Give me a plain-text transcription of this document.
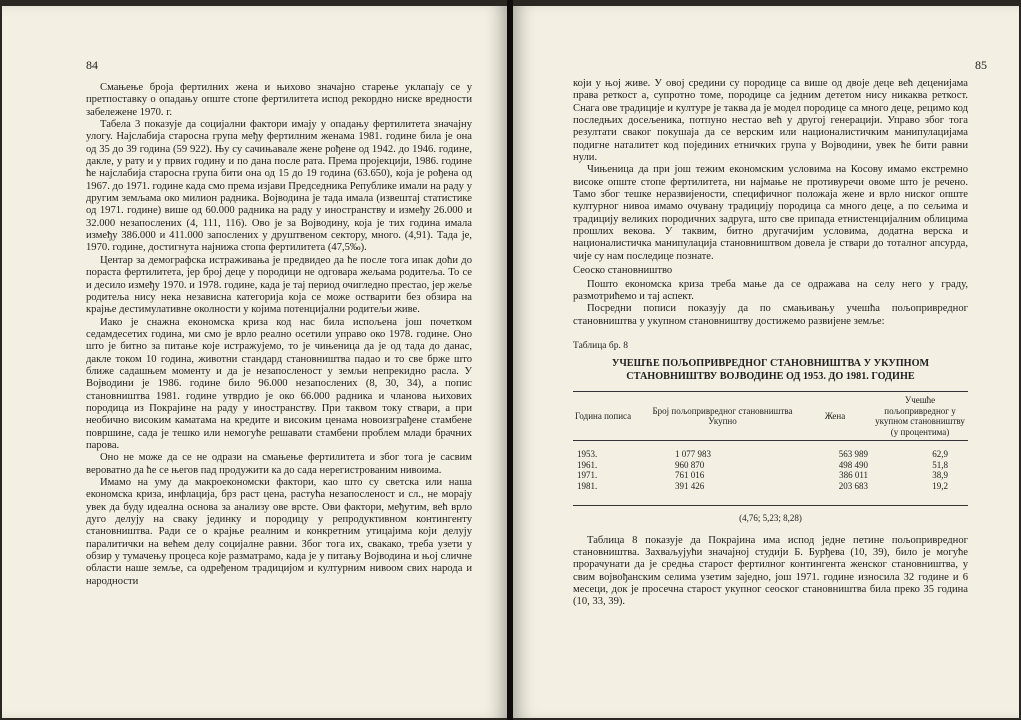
84

Смањење броја фертилних жена и њихово значајно старење уклапају се у претпоставку о опадању опште стопе фертилитета испод рекордно ниске вредности забележене 1970. г.

Табела 3 показује да социјални фактори имају у опадању фертилитета значајну улогу. Најслабија старосна група међу фертилним женама 1981. године била је она од 35 до 39 година (59 922). Њу су сачињавале жене рођене од 1942. до 1946. године, дакле, у рату и у првих годину и по дана после рата. Према пројекцији, 1986. године ће најслабија старосна група бити она од 15 до 19 година (63.650), која је рођена од 1967. до 1971. године када смо према изјави Председника Републике имали на раду у другим земљама око милион радника. Војводина је тада имала (извештај статистике од 1971. године) више од 60.000 радника на раду у иностранству и између 26.000 и 32.000 незапослених (4, 111, 116). Ово је за Војводину, која је тих година имала између 386.000 и 411.000 запослених у друштвеном сектору, много. (4,91). Тада је, 1970. године, достигнута најнижа стопа фертилитета (47,5‰).

Центар за демографска истраживања је предвидео да ће после тога ипак доћи до пораста фертилитета, јер број деце у породици не одговара жељама родитеља. То се и десило између 1970. и 1978. године, када је тај период очигледно престао, јер жеље родитеља нису нека независна категорија која се може остварити без обзира на крајње дестимулативне околности у којима потенцијални родитељи живе.

Иако је снажна економска криза код нас била испољена још почетком седамдесетих година, ми смо је врло реално осетили управо око 1978. године. Оно што је битно за питање које истражујемо, то је чињеница да је од тада до данас, дакле током 10 година, животни стандард становништва падао и то све брже што ближе садашњем моменту и да је незапосленост у земљи непрекидно расла. У Војводини је 1986. године било 96.000 незапослених (8, 30, 34), а попис становништва 1981. године утврдио је око 66.000 радника и чланова њихових породица из Покрајине на раду у иностранству. При таквом току ствари, а при необично високим каматама на кредите и високим ценама новоизграђене стамбене површине, сада је тешко или немогуће решавати стамбени проблем млади брачних парова.

Оно не може да се не одрази на смањење фертилитета и због тога је сасвим вероватно да ће се његов пад продужити ка до сада нерегистрованим нивоима.

Имамо на уму да макроекономски фактори, као што су светска или наша економска криза, инфлација, брз раст цена, растућа незапосленост и сл., не морају увек да буду идеална основа за анализу ове врсте. Ови фактори, међутим, већ врло дуго делују на сваку јединку и породицу у репродуктивном контингенту становништва. Ради се о крајње реалним и конкретним утицајима који делују паралитички на већем делу социјалне равни. Због тога их, свакако, треба узети у обзир у тумачењу процеса које разматрамо, када је у питању Војводина и њој сличне области наше земље, са одређеном традицијом и културним нивоом свих народа и народности

85

који у њој живе. У овој средини су породице са више од двоје деце већ деценијама права реткост а, супротно томе, породице са једним дететом нису никаква реткост. Снага ове традиције и културе је таква да је модел породице са много деце, рецимо код последњих досељеника, потпуно нестао већ у другој генерацији. Управо због тога резултати сваког покушаја да се верским или националистичким манипулацијама подигне наталитет код појединих етничких група у Војводини, увек ће бити равни нули.

Чињеница да при још тежим економским условима на Косову имамо екстремно високе опште стопе фертилитета, ни најмање не противуречи овоме што је речено. Тамо због тешке неразвијености, специфичног положаја жене и врло ниског опште културног нивоа имамо очувану традицију породица са много деце, а по сељима и традицију великих породичних задруга, што све припада етнистенцијалним облицима прошлих векова. У таквим, битно другачијим условима, додатна верска и националистичка манипулација становништвом довела је ствари до тоталног апсурда, чије су нам последице познате.

Сеоско становништво

Пошто економска криза треба мање да се одражава на селу него у граду, размотрићемо и тај аспект.

Посредни пописи показују да по смањивању учешћа пољопривредног становништва у укупном становништву достижемо развијене земље:

Таблица бр. 8
УЧЕШЋЕ ПОЉОПРИВРЕДНОГ СТАНОВНИШТВА У УКУПНОМ СТАНОВНИШТВУ ВОЈВОДИНЕ ОД 1953. ДО 1981. ГОДИНЕ
Година пописа	Број пољопривредног становништва Укупно	Жена	Учешће пољопривредног у укупном становништву (у процентима)
1953.	1 077 983	563 989	62,9
1961.	960 870	498 490	51,8
1971.	761 016	386 011	38,9
1981.	391 426	203 683	19,2
(4,76; 5,23; 8,28)

Таблица 8 показује да Покрајина има испод једне петине пољопривредног становништва. Захваљујући значајној студији Б. Бурђева (10, 39), било је могуће прорачунати да је средња старост фертилног контингента женског становништва, у свим војвођанским селима узетим заједно, још 1971. године износила 32 године и 6 месеци, док је просечна старост укупног сеоског становништва била преко 35 година (10, 33, 39).
